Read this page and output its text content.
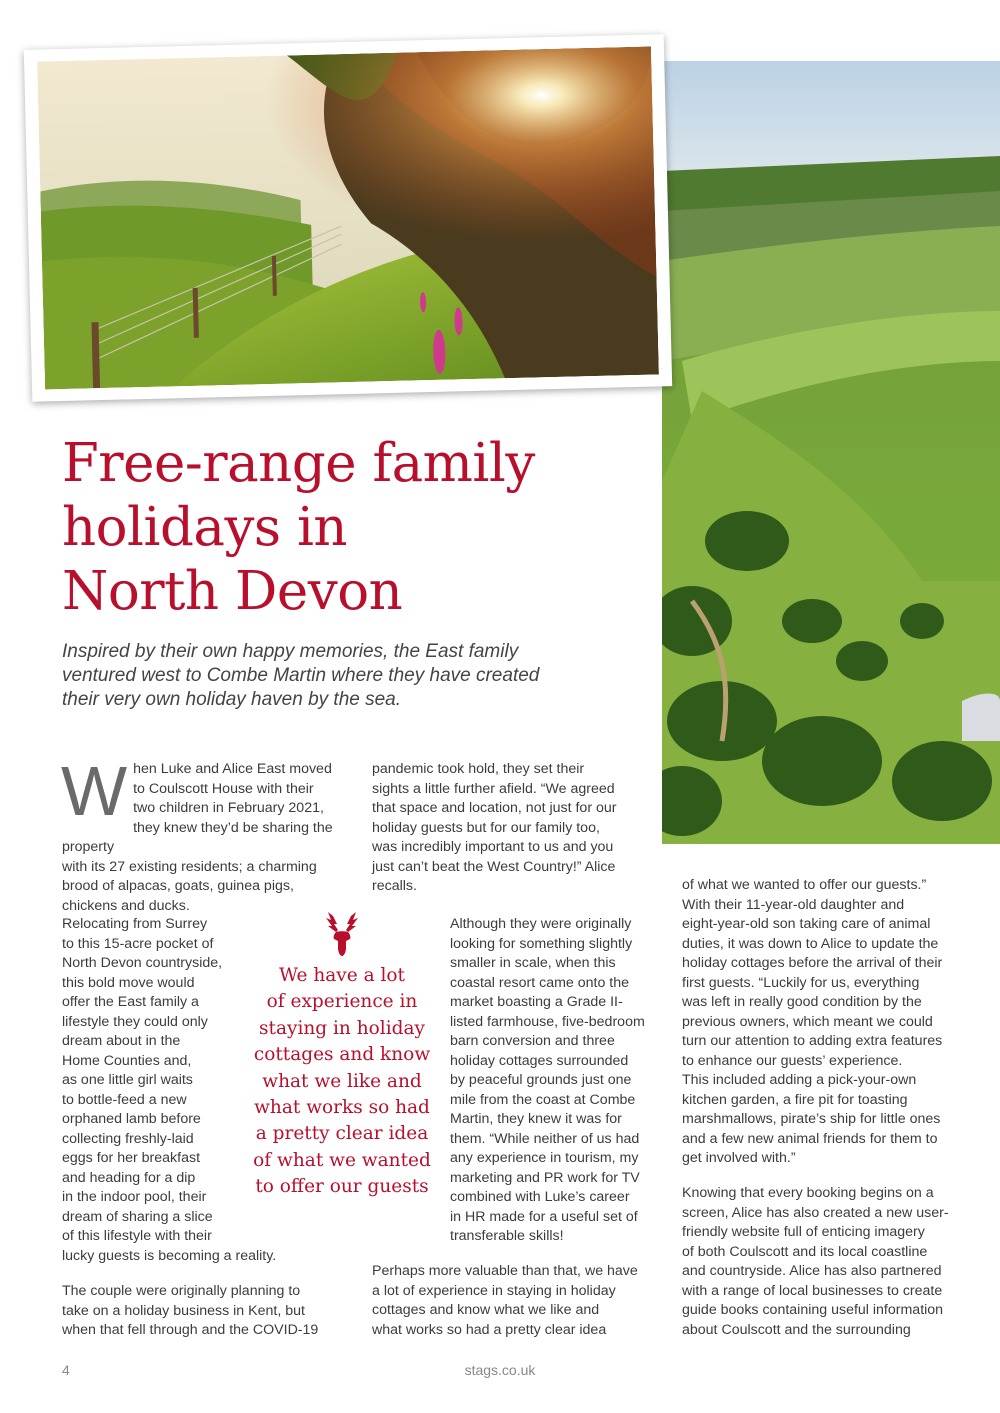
Free-range family
holidays in
North Devon
Inspired by their own happy memories, the East family
ventured west to Combe Martin where they have created
their very own holiday haven by the sea.
W hen Luke and Alice East moved
to Coulscott House with their
two children in February 2021,
they knew they’d be sharing the property
with its 27 existing residents; a charming
brood of alpacas, goats, guinea pigs,
chickens and ducks.
Relocating from Surrey
to this 15-acre pocket of
North Devon countryside,
this bold move would
offer the East family a
lifestyle they could only
dream about in the
Home Counties and,
as one little girl waits
to bottle-feed a new
orphaned lamb before
collecting freshly-laid
eggs for her breakfast
and heading for a dip
in the indoor pool, their
dream of sharing a slice
of this lifestyle with their
lucky guests is becoming a reality.
The couple were originally planning to
take on a holiday business in Kent, but
when that fell through and the COVID-19
pandemic took hold, they set their
sights a little further afield. “We agreed
that space and location, not just for our
holiday guests but for our family too,
was incredibly important to us and you
just can’t beat the West Country!” Alice
recalls.
We have a lot
of experience in
staying in holiday
cottages and know
what we like and
what works so had
a pretty clear idea
of what we wanted
to offer our guests
Although they were originally
looking for something slightly
smaller in scale, when this
coastal resort came onto the
market boasting a Grade II-
listed farmhouse, five-bedroom
barn conversion and three
holiday cottages surrounded
by peaceful grounds just one
mile from the coast at Combe
Martin, they knew it was for
them. “While neither of us had
any experience in tourism, my
marketing and PR work for TV
combined with Luke’s career
in HR made for a useful set of
transferable skills!
Perhaps more valuable than that, we have
a lot of experience in staying in holiday
cottages and know what we like and
what works so had a pretty clear idea
of what we wanted to offer our guests.”
With their 11-year-old daughter and
eight-year-old son taking care of animal
duties, it was down to Alice to update the
holiday cottages before the arrival of their
first guests. “Luckily for us, everything
was left in really good condition by the
previous owners, which meant we could
turn our attention to adding extra features
to enhance our guests’ experience.
This included adding a pick-your-own
kitchen garden, a fire pit for toasting
marshmallows, pirate’s ship for little ones
and a few new animal friends for them to
get involved with.”
Knowing that every booking begins on a
screen, Alice has also created a new user-
friendly website full of enticing imagery
of both Coulscott and its local coastline
and countryside. Alice has also partnered
with a range of local businesses to create
guide books containing useful information
about Coulscott and the surrounding
4	stags.co.uk
